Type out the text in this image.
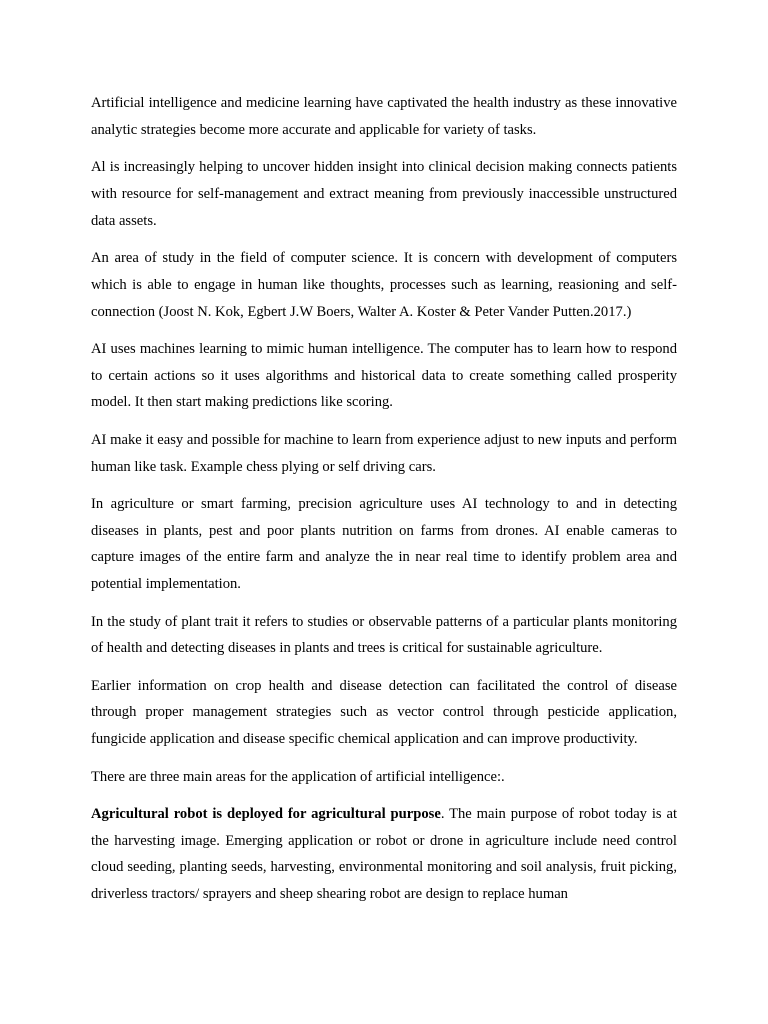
Artificial intelligence and medicine learning have captivated the health industry as these innovative analytic strategies become more accurate and applicable for variety of tasks.

Al is increasingly helping to uncover hidden insight into clinical decision making connects patients with resource for self-management and extract meaning from previously inaccessible unstructured data assets.

An area of study in the field of computer science. It is concern with development of computers which is able to engage in human like thoughts, processes such as learning, reasioning and self-connection (Joost N. Kok, Egbert J.W Boers, Walter A. Koster & Peter Vander Putten.2017.)

AI uses machines learning to mimic human intelligence. The computer has to learn how to respond to certain actions so it uses algorithms and historical data to create something called prosperity model. It then start making predictions like scoring.

AI make it easy and possible for machine to learn from experience adjust to new inputs and perform human like task. Example chess plying or self driving cars.

In agriculture or smart farming, precision agriculture uses AI technology to and in detecting diseases in plants, pest and poor plants nutrition on farms from drones. AI enable cameras to capture images of the entire farm and analyze the in near real time to identify problem area and potential implementation.

In the study of plant trait it refers to studies or observable patterns of a particular plants monitoring of health and detecting diseases in plants and trees is critical for sustainable agriculture.

Earlier information on crop health and disease detection can facilitated the control of disease through proper management strategies such as vector control through pesticide application, fungicide application and disease specific chemical application and can improve productivity.

There are three main areas for the application of artificial intelligence:.

Agricultural robot is deployed for agricultural purpose. The main purpose of robot today is at the harvesting image. Emerging application or robot or drone in agriculture include need control cloud seeding, planting seeds, harvesting, environmental monitoring and soil analysis, fruit picking, driverless tractors/ sprayers and sheep shearing robot are design to replace human
